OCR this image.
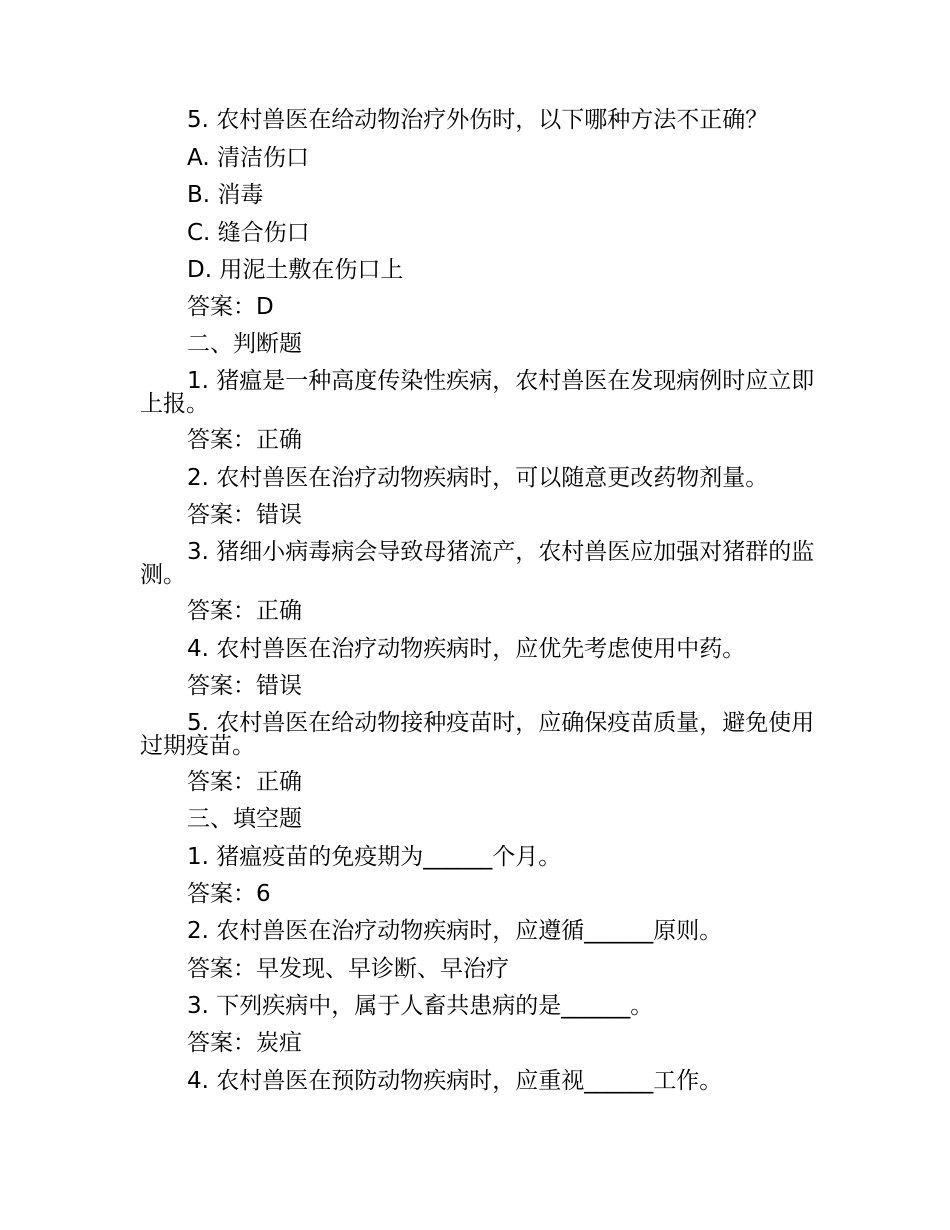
5. 农村兽医在给动物治疗外伤时，以下哪种方法不正确？
A. 清洁伤口
B. 消毒
C. 缝合伤口
D. 用泥土敷在伤口上
答案：D
二、判断题
1. 猪瘟是一种高度传染性疾病，农村兽医在发现病例时应立即上报。
答案：正确
2. 农村兽医在治疗动物疾病时，可以随意更改药物剂量。
答案：错误
3. 猪细小病毒病会导致母猪流产，农村兽医应加强对猪群的监测。
答案：正确
4. 农村兽医在治疗动物疾病时，应优先考虑使用中药。
答案：错误
5. 农村兽医在给动物接种疫苗时，应确保疫苗质量，避免使用过期疫苗。
答案：正确
三、填空题
1. 猪瘟疫苗的免疫期为______个月。
答案：6
2. 农村兽医在治疗动物疾病时，应遵循______原则。
答案：早发现、早诊断、早治疗
3. 下列疾病中，属于人畜共患病的是______。
答案：炭疽
4. 农村兽医在预防动物疾病时，应重视______工作。
